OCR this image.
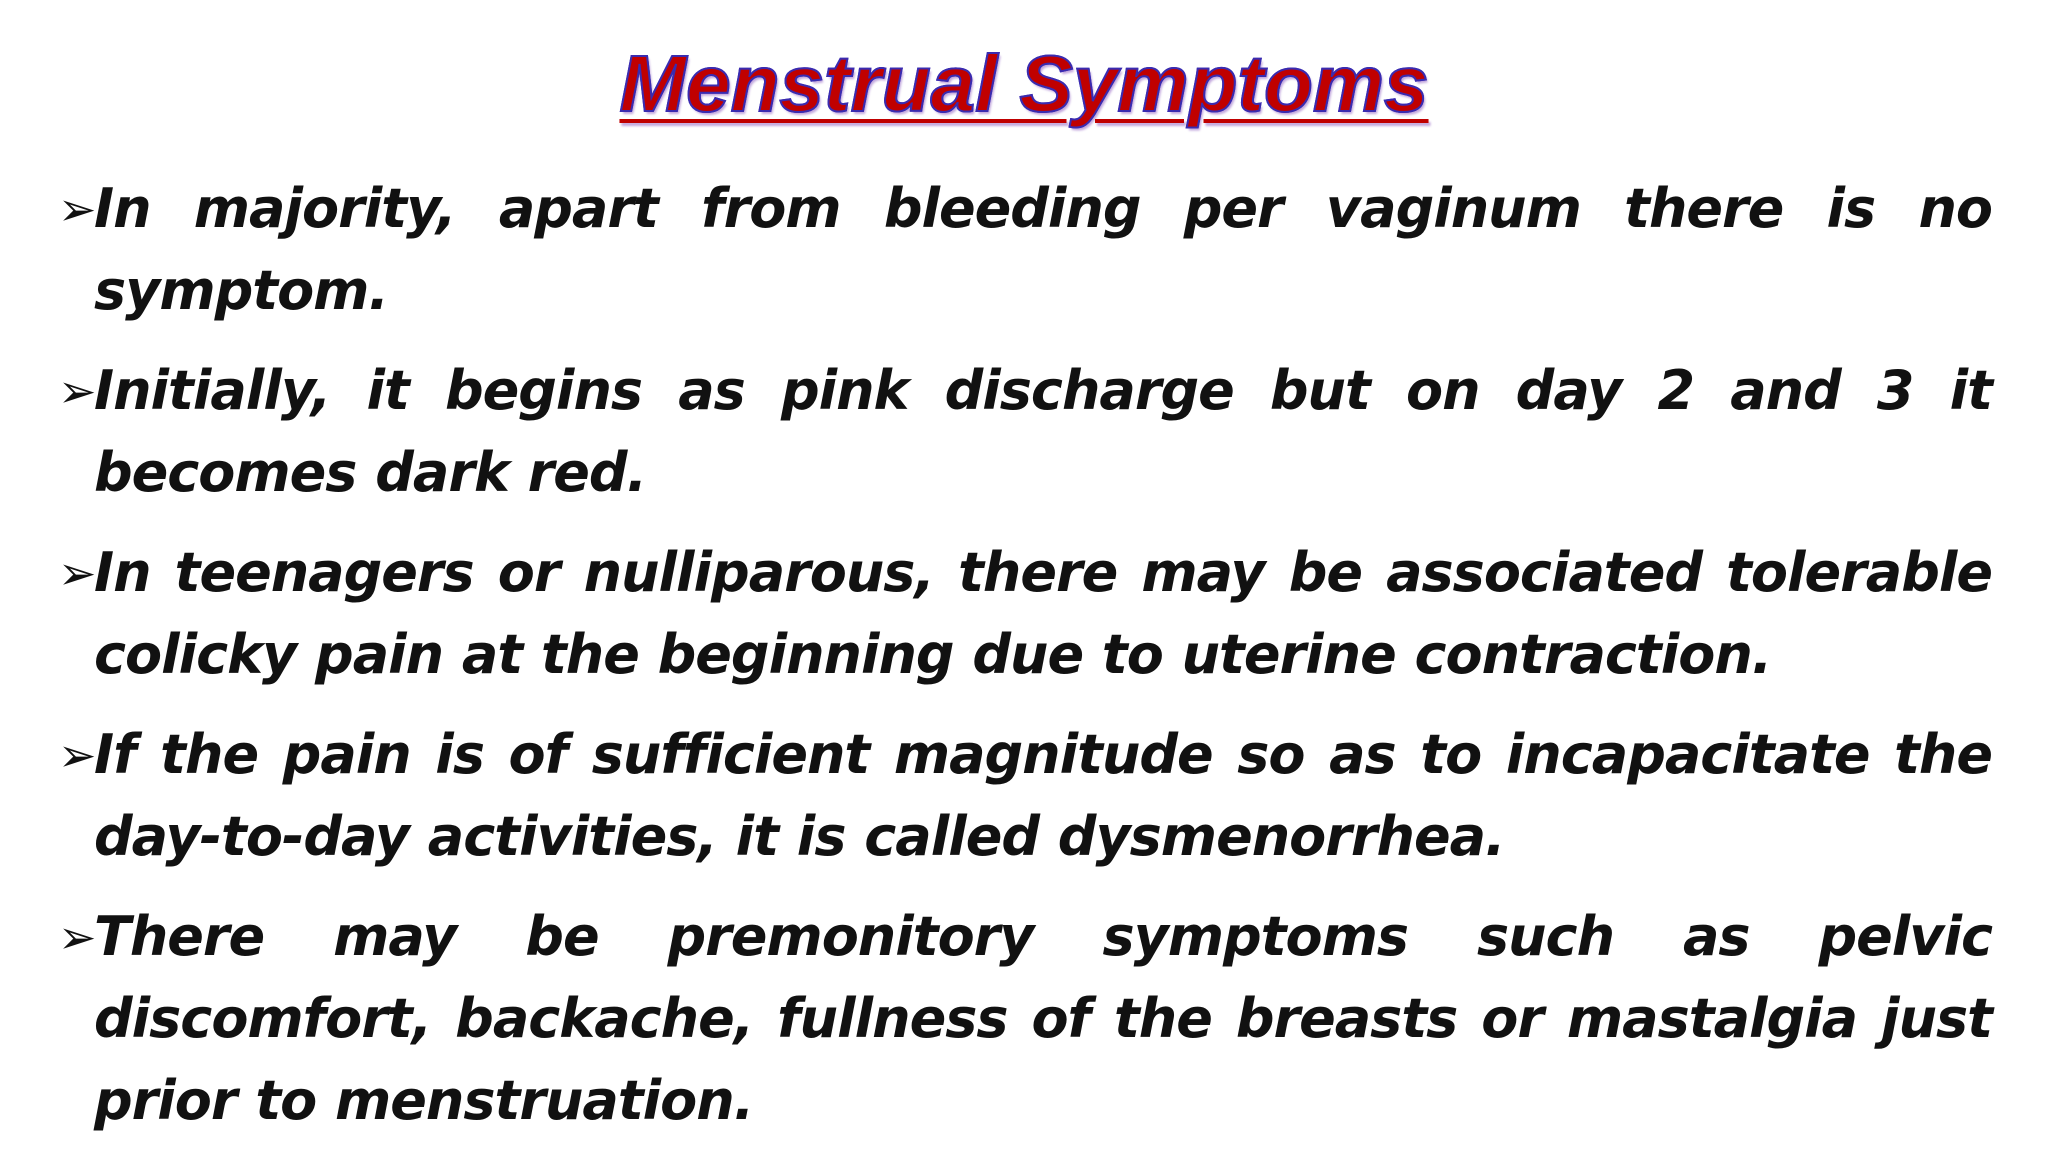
Menstrual Symptoms
➢
In majority, apart from bleeding per vaginum there is no symptom.
➢
Initially, it begins as pink discharge but on day 2 and 3 it becomes dark red.
➢
In teenagers or nulliparous, there may be associated tolerable colicky pain at the beginning due to uterine contraction.
➢
If the pain is of sufficient magnitude so as to incapacitate the day-to-day activities, it is called dysmenorrhea.
➢
There may be premonitory symptoms such as pelvic discomfort, backache, fullness of the breasts or mastalgia just prior to menstruation.
